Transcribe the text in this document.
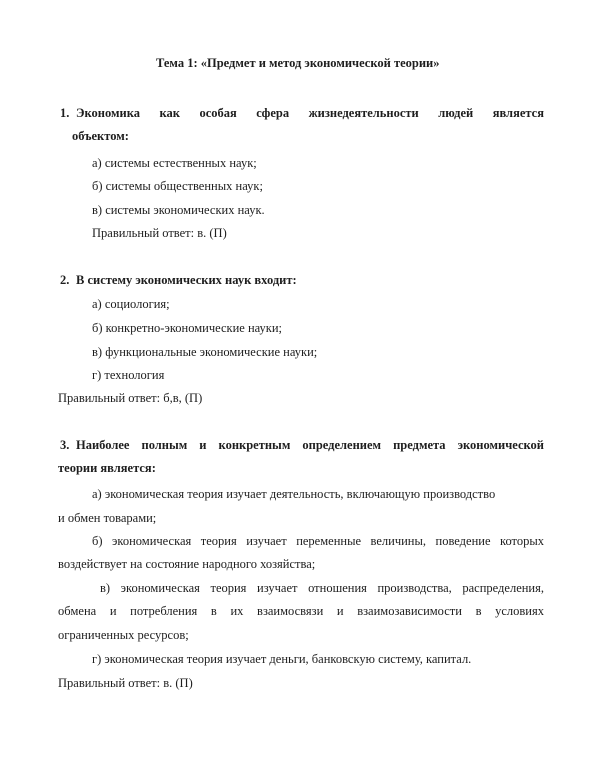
Тема 1: «Предмет и метод экономической теории»
1. Экономика как особая сфера жизнедеятельности людей является
объектом:
а) системы естественных наук;
б) системы общественных наук;
в) системы экономических наук.
Правильный ответ: в. (П)
2. В систему экономических наук входит:
а) социология;
б) конкретно-экономические науки;
в) функциональные экономические науки;
г) технология
Правильный ответ: б,в, (П)
3. Наиболее полным и конкретным определением предмета экономической
теории является:
а) экономическая теория изучает деятельность, включающую производство
и обмен товарами;
б) экономическая теория изучает переменные величины, поведение которых
воздействует на состояние народного хозяйства;
в) экономическая теория изучает отношения производства, распределения,
обмена и потребления в их взаимосвязи и взаимозависимости в условиях
ограниченных ресурсов;
г) экономическая теория изучает деньги, банковскую систему, капитал.
Правильный ответ: в. (П)
